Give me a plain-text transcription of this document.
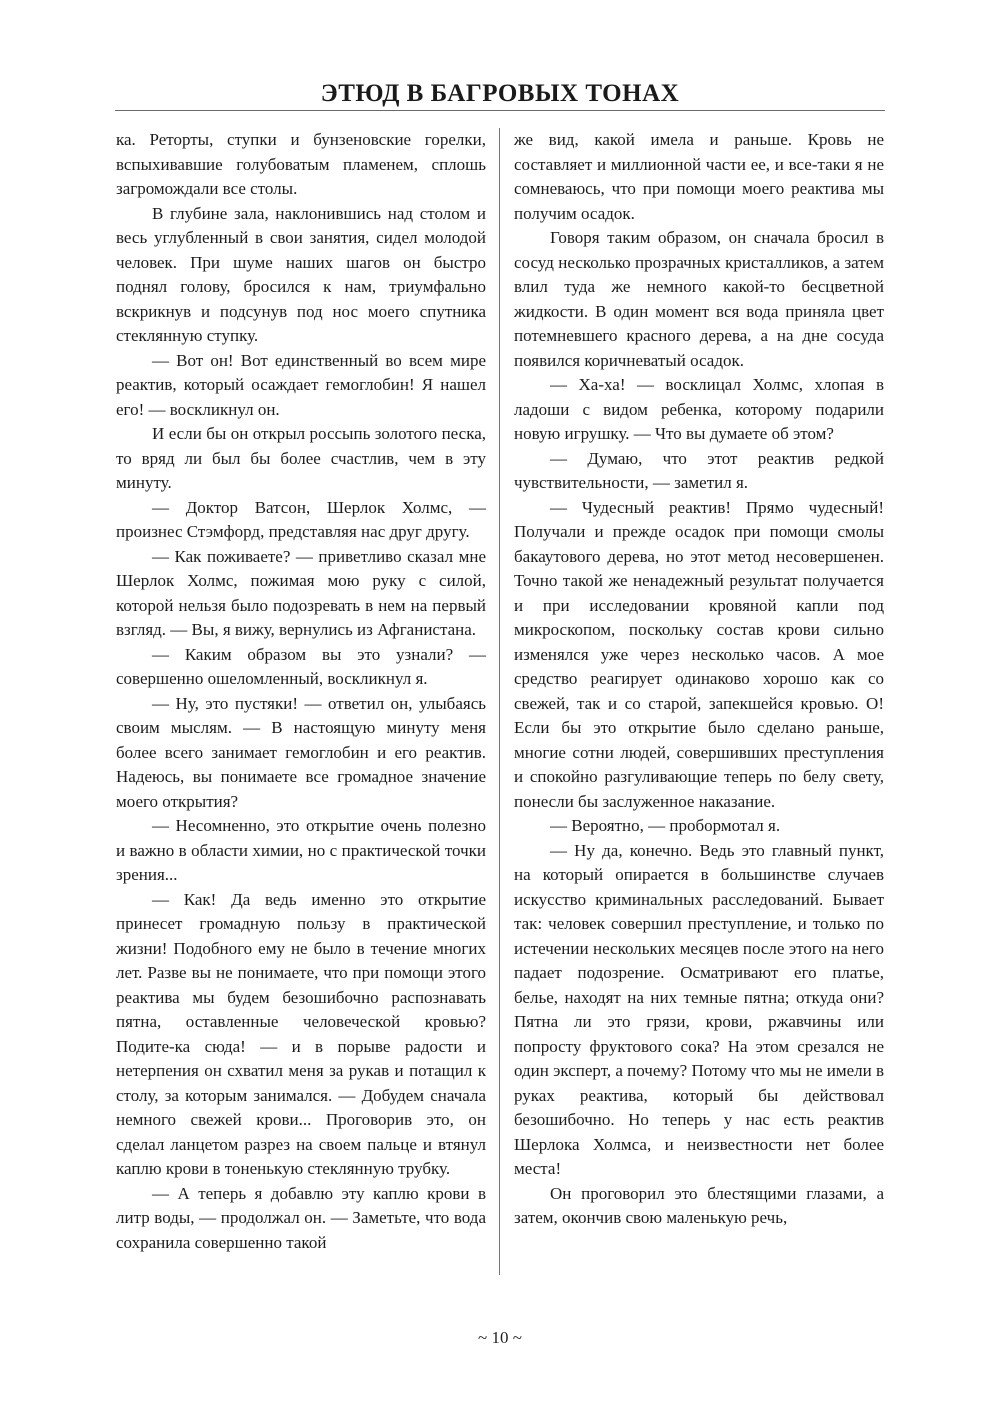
ЭТЮД В БАГРОВЫХ ТОНАХ

ка. Реторты, ступки и бунзеновские горелки, вспыхивавшие голубоватым пламенем, сплошь загромождали все столы.

В глубине зала, наклонившись над столом и весь углубленный в свои занятия, сидел молодой человек. При шуме наших шагов он быстро поднял голову, бросился к нам, триумфально вскрикнув и подсунув под нос моего спутника стеклянную ступку.

— Вот он! Вот единственный во всем мире реактив, который осаждает гемоглобин! Я нашел его! — воскликнул он.

И если бы он открыл россыпь золотого песка, то вряд ли был бы более счастлив, чем в эту минуту.

— Доктор Ватсон, Шерлок Холмс, — произнес Стэмфорд, представляя нас друг другу.

— Как поживаете? — приветливо сказал мне Шерлок Холмс, пожимая мою руку с силой, которой нельзя было подозревать в нем на первый взгляд. — Вы, я вижу, вернулись из Афганистана.

— Каким образом вы это узнали? — совершенно ошеломленный, воскликнул я.

— Ну, это пустяки! — ответил он, улыбаясь своим мыслям. — В настоящую минуту меня более всего занимает гемоглобин и его реактив. Надеюсь, вы понимаете все громадное значение моего открытия?

— Несомненно, это открытие очень полезно и важно в области химии, но с практической точки зрения...

— Как! Да ведь именно это открытие принесет громадную пользу в практической жизни! Подобного ему не было в течение многих лет. Разве вы не понимаете, что при помощи этого реактива мы будем безошибочно распознавать пятна, оставленные человеческой кровью? Подите-ка сюда! — и в порыве радости и нетерпения он схватил меня за рукав и потащил к столу, за которым занимался. — Добудем сначала немного свежей крови... Проговорив это, он сделал ланцетом разрез на своем пальце и втянул каплю крови в тоненькую стеклянную трубку.

— А теперь я добавлю эту каплю крови в литр воды, — продолжал он. — Заметьте, что вода сохранила совершенно такой

же вид, какой имела и раньше. Кровь не составляет и миллионной части ее, и все-таки я не сомневаюсь, что при помощи моего реактива мы получим осадок.

Говоря таким образом, он сначала бросил в сосуд несколько прозрачных кристалликов, а затем влил туда же немного какой-то бесцветной жидкости. В один момент вся вода приняла цвет потемневшего красного дерева, а на дне сосуда появился коричневатый осадок.

— Ха-ха! — восклицал Холмс, хлопая в ладоши с видом ребенка, которому подарили новую игрушку. — Что вы думаете об этом?

— Думаю, что этот реактив редкой чувствительности, — заметил я.

— Чудесный реактив! Прямо чудесный! Получали и прежде осадок при помощи смолы бакаутового дерева, но этот метод несовершенен. Точно такой же ненадежный результат получается и при исследовании кровяной капли под микроскопом, поскольку состав крови сильно изменялся уже через несколько часов. А мое средство реагирует одинаково хорошо как со свежей, так и со старой, запекшейся кровью. О! Если бы это открытие было сделано раньше, многие сотни людей, совершивших преступления и спокойно разгуливающие теперь по белу свету, понесли бы заслуженное наказание.

— Вероятно, — пробормотал я.

— Ну да, конечно. Ведь это главный пункт, на который опирается в большинстве случаев искусство криминальных расследований. Бывает так: человек совершил преступление, и только по истечении нескольких месяцев после этого на него падает подозрение. Осматривают его платье, белье, находят на них темные пятна; откуда они? Пятна ли это грязи, крови, ржавчины или попросту фруктового сока? На этом срезался не один эксперт, а почему? Потому что мы не имели в руках реактива, который бы действовал безошибочно. Но теперь у нас есть реактив Шерлока Холмса, и неизвестности нет более места!

Он проговорил это блестящими глазами, а затем, окончив свою маленькую речь,

~ 10 ~
